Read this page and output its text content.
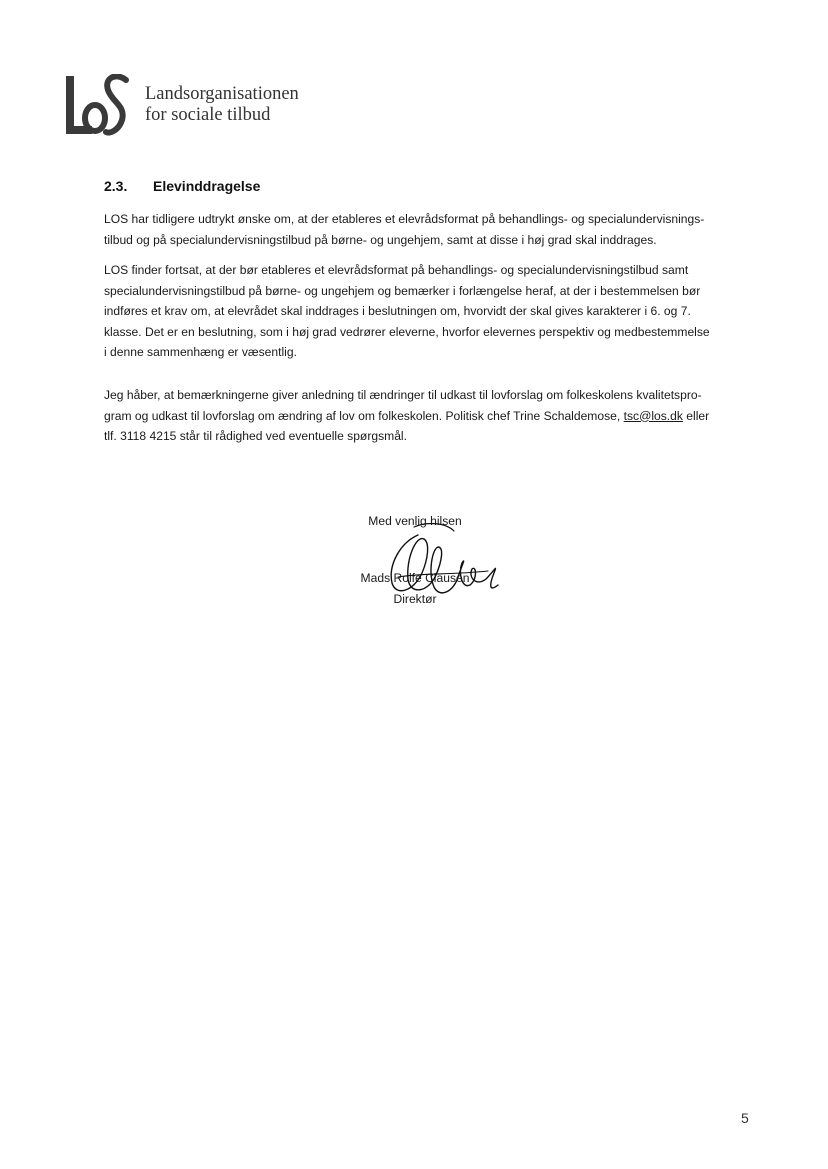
Landsorganisationen
for sociale tilbud
2.3. Elevinddragelse
LOS har tidligere udtrykt ønske om, at der etableres et elevrådsformat på behandlings- og specialundervisnings-
tilbud og på specialundervisningstilbud på børne- og ungehjem, samt at disse i høj grad skal inddrages.
LOS finder fortsat, at der bør etableres et elevrådsformat på behandlings- og specialundervisningstilbud samt
specialundervisningstilbud på børne- og ungehjem og bemærker i forlængelse heraf, at der i bestemmelsen bør
indføres et krav om, at elevrådet skal inddrages i beslutningen om, hvorvidt der skal gives karakterer i 6. og 7.
klasse. Det er en beslutning, som i høj grad vedrører eleverne, hvorfor elevernes perspektiv og medbestemmelse
i denne sammenhæng er væsentlig.
Jeg håber, at bemærkningerne giver anledning til ændringer til udkast til lovforslag om folkeskolens kvalitetspro-
gram og udkast til lovforslag om ændring af lov om folkeskolen. Politisk chef Trine Schaldemose, tsc@los.dk eller
tlf. 3118 4215 står til rådighed ved eventuelle spørgsmål.
Med venlig hilsen
Mads Rolfe Clausen
Direktør
5
